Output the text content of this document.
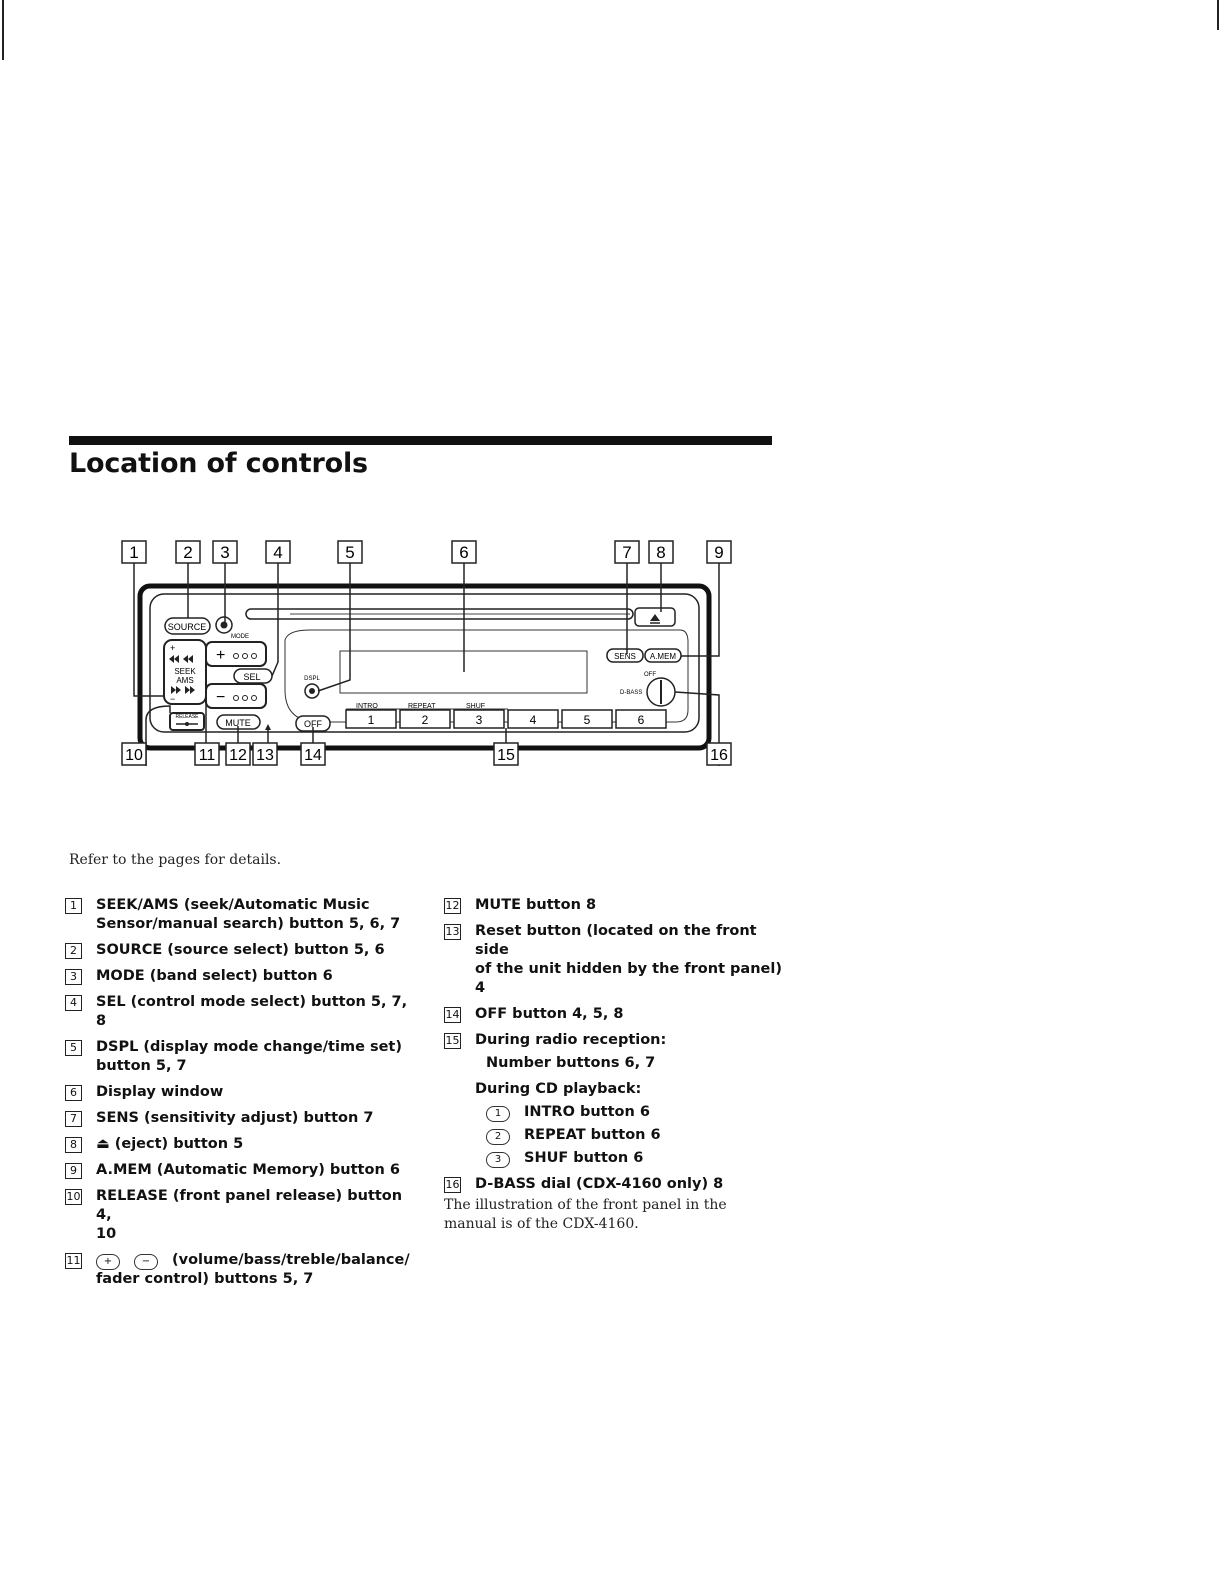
Location of controls
1	2 3	4	5	6	7 8	9
SOURCE
MODE
+
SEEK
AMS
−
+
−
SEL	DSPL
RELEASE
MUTE	OFF
INTRO	REPEAT	SHUF
1	2	3	4	5	6
SENS A.MEM
D-BASS
OFF
10	11 12 13 14	15	16
Refer to the pages for details.
1	SEEK/AMS (seek/Automatic Music
Sensor/manual search) button 5, 6, 7
2	SOURCE (source select) button 5, 6
3	MODE (band select) button 6
4	SEL (control mode select) button 5, 7, 8
5	DSPL (display mode change/time set)
button 5, 7
6	Display window
7	SENS (sensitivity adjust) button 7
8	⏏ (eject) button 5
9	A.MEM (Automatic Memory) button 6
10 RELEASE (front panel release) button 4,
10
11	+	− (volume/bass/treble/balance/
fader control) buttons 5, 7
12 MUTE button 8
13 Reset button (located on the front side
of the unit hidden by the front panel) 4
14 OFF button 4, 5, 8
15 During radio reception:
Number buttons 6, 7
During CD playback:
1 INTRO button 6
2 REPEAT button 6
3 SHUF button 6
16 D-BASS dial (CDX-4160 only) 8
The illustration of the front panel in the manual is of the CDX-4160.
